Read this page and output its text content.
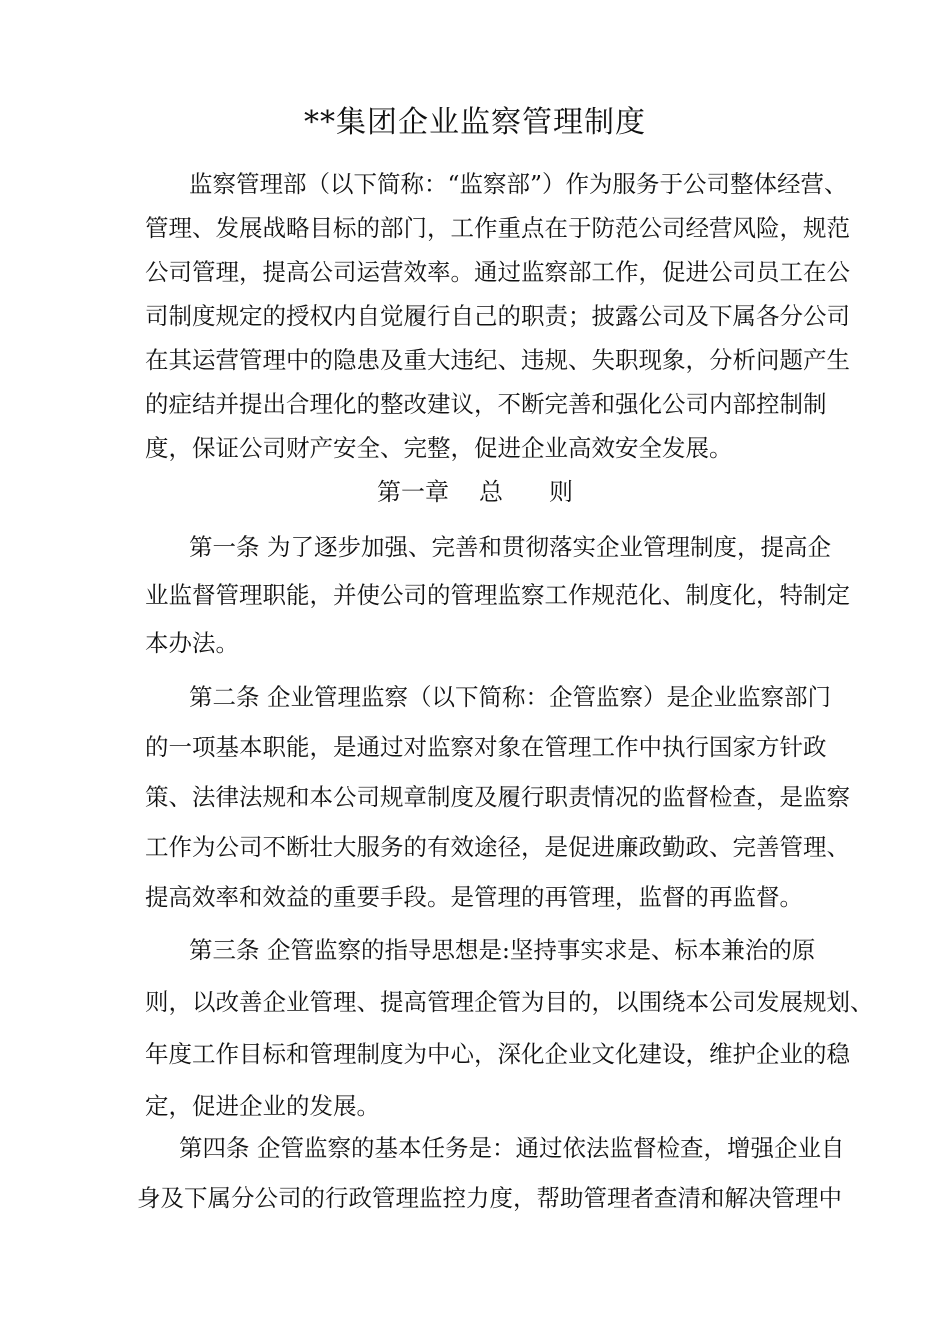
**集团企业监察管理制度
监察管理部（以下简称：“监察部”）作为服务于公司整体经营、
管理、发展战略目标的部门，工作重点在于防范公司经营风险，规范
公司管理，提高公司运营效率。通过监察部工作，促进公司员工在公
司制度规定的授权内自觉履行自己的职责；披露公司及下属各分公司
在其运营管理中的隐患及重大违纪、违规、失职现象，分析问题产生
的症结并提出合理化的整改建议，不断完善和强化公司内部控制制
度，保证公司财产安全、完整，促进企业高效安全发展。
第一章 总 则
第一条 为了逐步加强、完善和贯彻落实企业管理制度，提高企
业监督管理职能，并使公司的管理监察工作规范化、制度化，特制定
本办法。
第二条 企业管理监察（以下简称：企管监察）是企业监察部门
的一项基本职能，是通过对监察对象在管理工作中执行国家方针政
策、法律法规和本公司规章制度及履行职责情况的监督检查，是监察
工作为公司不断壮大服务的有效途径，是促进廉政勤政、完善管理、
提高效率和效益的重要手段。是管理的再管理，监督的再监督。
第三条 企管监察的指导思想是:坚持事实求是、标本兼治的原
则，以改善企业管理、提高管理企管为目的，以围绕本公司发展规划、
年度工作目标和管理制度为中心，深化企业文化建设，维护企业的稳
定，促进企业的发展。
第四条 企管监察的基本任务是：通过依法监督检查，增强企业自
身及下属分公司的行政管理监控力度，帮助管理者查清和解决管理中
